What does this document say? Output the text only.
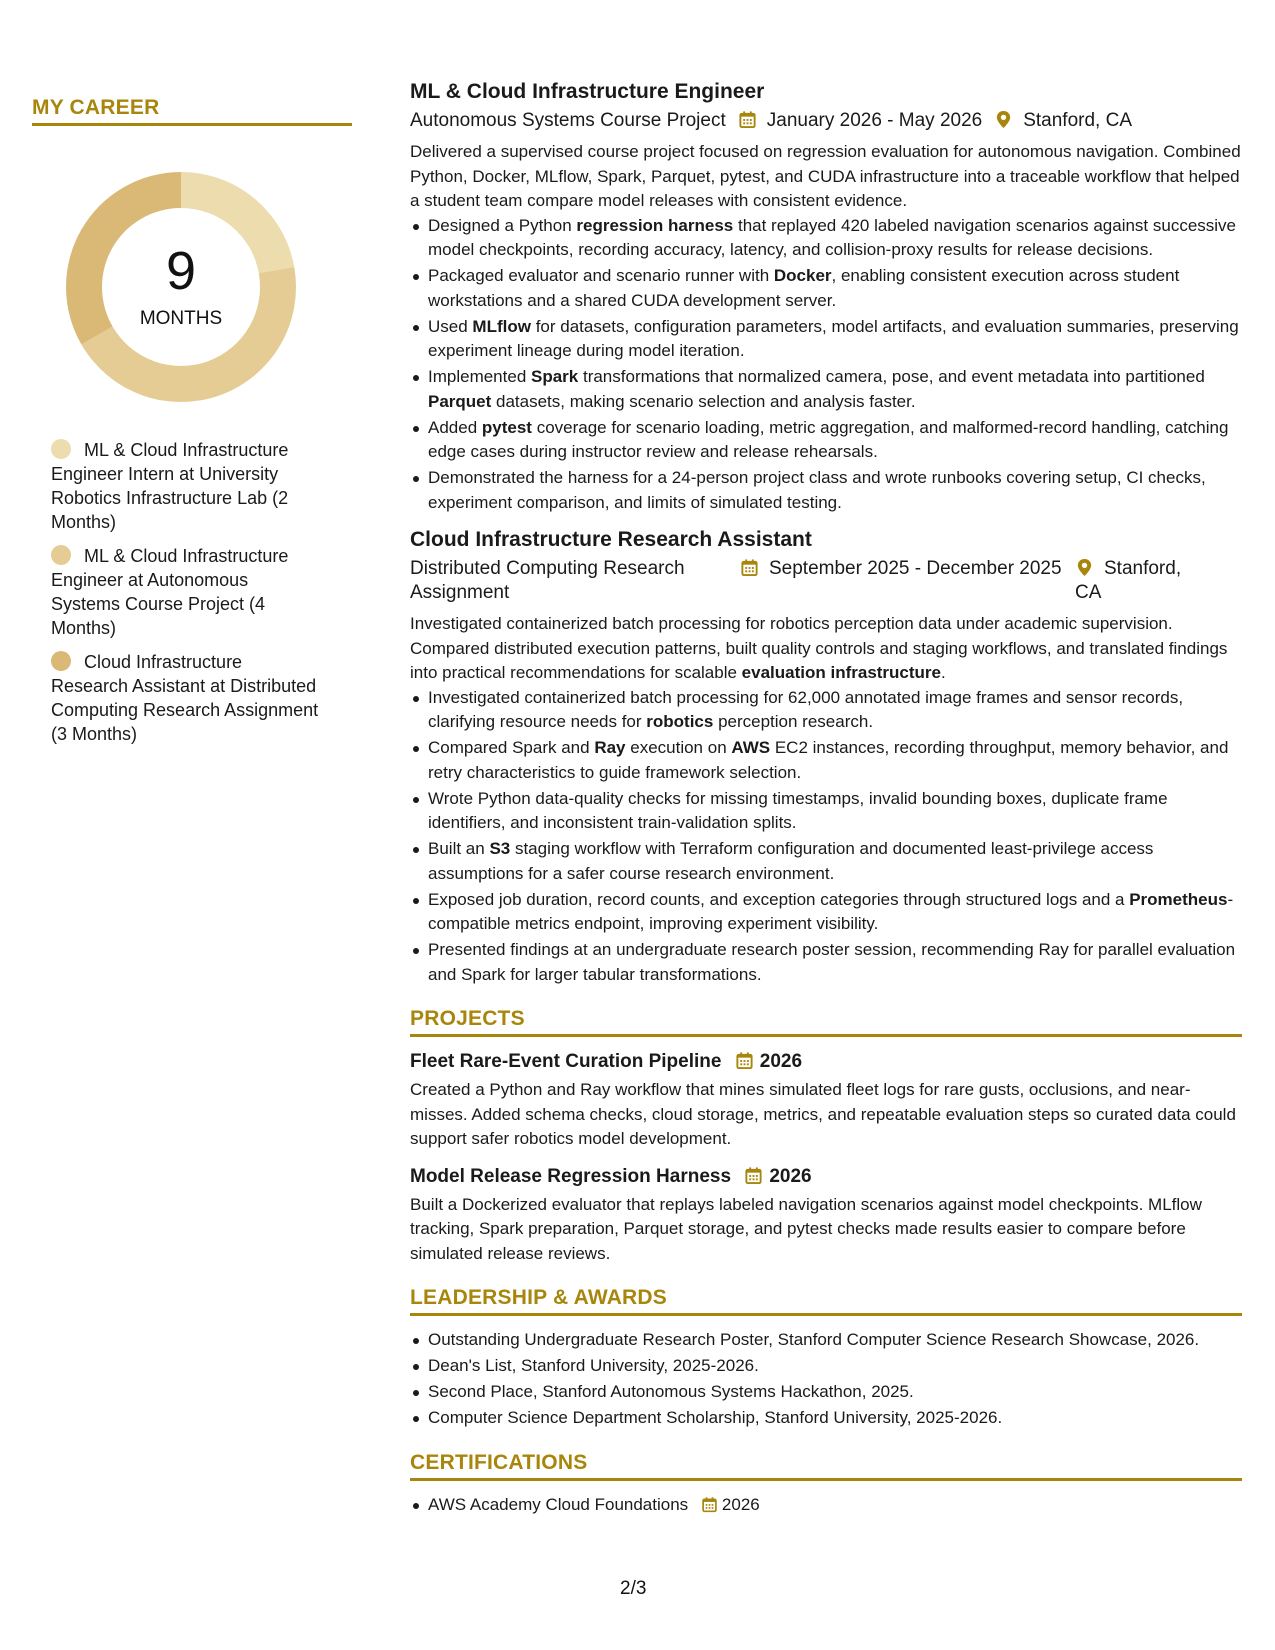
MY CAREER
9
MONTHS
ML & Cloud Infrastructure Engineer Intern at University Robotics Infrastructure Lab (2 Months)
ML & Cloud Infrastructure Engineer at Autonomous Systems Course Project (4 Months)
Cloud Infrastructure Research Assistant at Distributed Computing Research Assignment (3 Months)
ML & Cloud Infrastructure Engineer
Autonomous Systems Course Project	January 2026 - May 2026	Stanford, CA
Delivered a supervised course project focused on regression evaluation for autonomous navigation. Combined Python, Docker, MLflow, Spark, Parquet, pytest, and CUDA infrastructure into a traceable workflow that helped a student team compare model releases with consistent evidence.
Designed a Python regression harness that replayed 420 labeled navigation scenarios against successive model checkpoints, recording accuracy, latency, and collision-proxy results for release decisions.
Packaged evaluator and scenario runner with Docker, enabling consistent execution across student workstations and a shared CUDA development server.
Used MLflow for datasets, configuration parameters, model artifacts, and evaluation summaries, preserving experiment lineage during model iteration.
Implemented Spark transformations that normalized camera, pose, and event metadata into partitioned Parquet datasets, making scenario selection and analysis faster.
Added pytest coverage for scenario loading, metric aggregation, and malformed-record handling, catching edge cases during instructor review and release rehearsals.
Demonstrated the harness for a 24-person project class and wrote runbooks covering setup, CI checks, experiment comparison, and limits of simulated testing.
Cloud Infrastructure Research Assistant
Distributed Computing Research Assignment
September 2025 - December 2025	Stanford, CA
Investigated containerized batch processing for robotics perception data under academic supervision. Compared distributed execution patterns, built quality controls and staging workflows, and translated findings into practical recommendations for scalable evaluation infrastructure.
Investigated containerized batch processing for 62,000 annotated image frames and sensor records, clarifying resource needs for robotics perception research.
Compared Spark and Ray execution on AWS EC2 instances, recording throughput, memory behavior, and retry characteristics to guide framework selection.
Wrote Python data-quality checks for missing timestamps, invalid bounding boxes, duplicate frame identifiers, and inconsistent train-validation splits.
Built an S3 staging workflow with Terraform configuration and documented least-privilege access assumptions for a safer course research environment.
Exposed job duration, record counts, and exception categories through structured logs and a Prometheus-compatible metrics endpoint, improving experiment visibility.
Presented findings at an undergraduate research poster session, recommending Ray for parallel evaluation and Spark for larger tabular transformations.
PROJECTS
Fleet Rare-Event Curation Pipeline 2026
Created a Python and Ray workflow that mines simulated fleet logs for rare gusts, occlusions, and near-misses. Added schema checks, cloud storage, metrics, and repeatable evaluation steps so curated data could support safer robotics model development.
Model Release Regression Harness 2026
Built a Dockerized evaluator that replays labeled navigation scenarios against model checkpoints. MLflow tracking, Spark preparation, Parquet storage, and pytest checks made results easier to compare before simulated release reviews.
LEADERSHIP & AWARDS
Outstanding Undergraduate Research Poster, Stanford Computer Science Research Showcase, 2026.
Dean's List, Stanford University, 2025-2026.
Second Place, Stanford Autonomous Systems Hackathon, 2025.
Computer Science Department Scholarship, Stanford University, 2025-2026.
CERTIFICATIONS
AWS Academy Cloud Foundations 2026
2/3
